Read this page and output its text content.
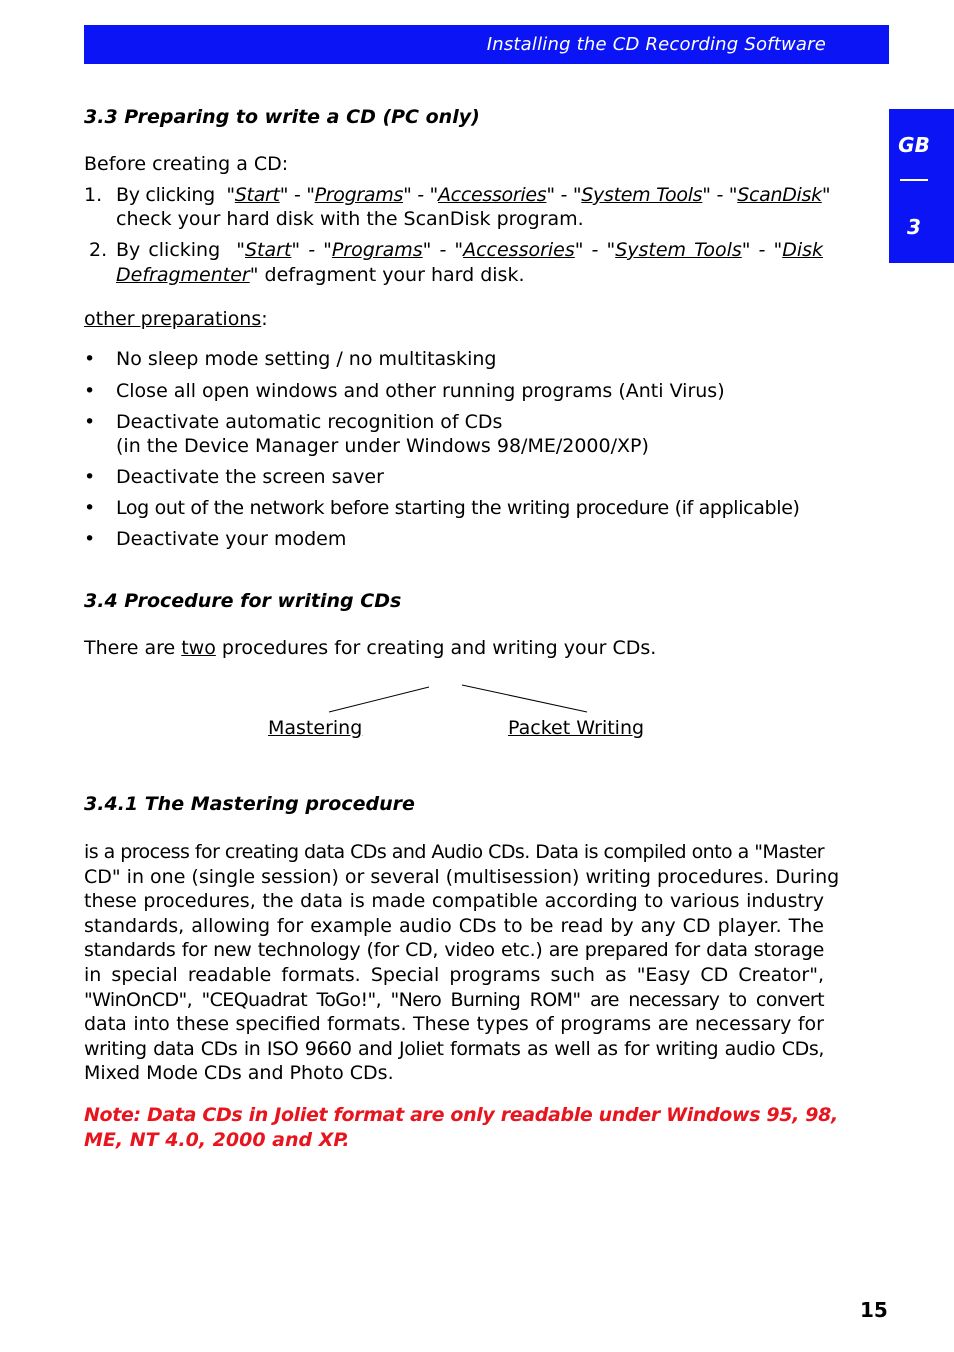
Installing the CD Recording Software
GB
3
3.3 Preparing to write a CD (PC only)
Before creating a CD:
1. By clicking "Start" - "Programs" - "Accessories" - "System Tools" - "ScanDisk"
check your hard disk with the ScanDisk program.
2. By clicking "Start" - "Programs" - "Accessories" - "System Tools" - "Disk
Defragmenter" defragment your hard disk.
other preparations:
• No sleep mode setting / no multitasking
• Close all open windows and other running programs (Anti Virus)
• Deactivate automatic recognition of CDs
(in the Device Manager under Windows 98/ME/2000/XP)
• Deactivate the screen saver
• Log out of the network before starting the writing procedure (if applicable)
• Deactivate your modem
3.4 Procedure for writing CDs
There are two procedures for creating and writing your CDs.
Mastering	Packet Writing
3.4.1 The Mastering procedure
is a process for creating data CDs and Audio CDs. Data is compiled onto a "Master
CD" in one (single session) or several (multisession) writing procedures. During
these procedures, the data is made compatible according to various industry
standards, allowing for example audio CDs to be read by any CD player. The
standards for new technology (for CD, video etc.) are prepared for data storage
in special readable formats. Special programs such as "Easy CD Creator",
"WinOnCD", "CEQuadrat ToGo!", "Nero Burning ROM" are necessary to convert
data into these specified formats. These types of programs are necessary for
writing data CDs in ISO 9660 and Joliet formats as well as for writing audio CDs,
Mixed Mode CDs and Photo CDs.
Note: Data CDs in Joliet format are only readable under Windows 95, 98,
ME, NT 4.0, 2000 and XP.
15
